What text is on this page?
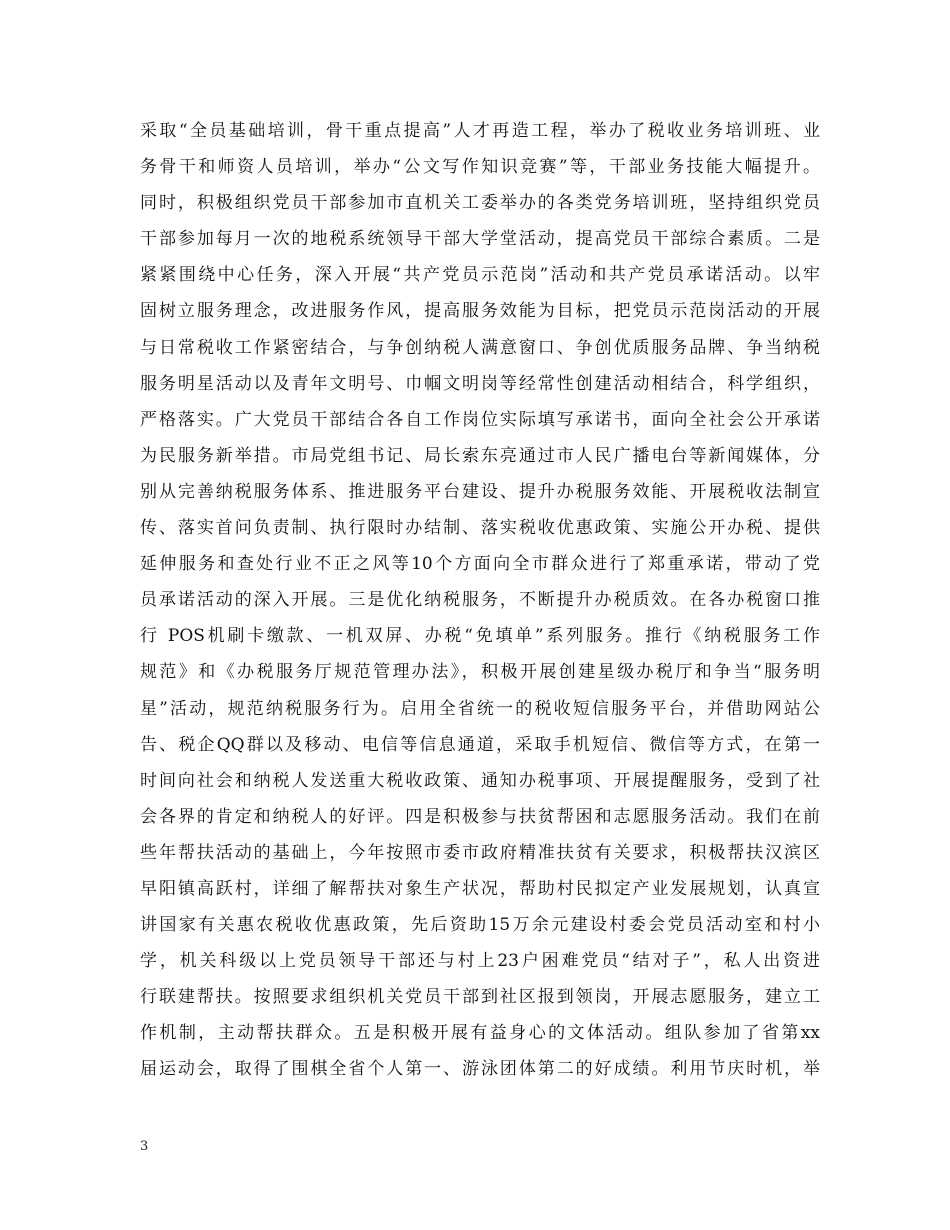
采取“全员基础培训，骨干重点提高”人才再造工程，举办了税收业务培训班、业
务骨干和师资人员培训，举办“公文写作知识竞赛”等，干部业务技能大幅提升。
同时，积极组织党员干部参加市直机关工委举办的各类党务培训班，坚持组织党员
干部参加每月一次的地税系统领导干部大学堂活动，提高党员干部综合素质。二是
紧紧围绕中心任务，深入开展“共产党员示范岗”活动和共产党员承诺活动。以牢
固树立服务理念，改进服务作风，提高服务效能为目标，把党员示范岗活动的开展
与日常税收工作紧密结合，与争创纳税人满意窗口、争创优质服务品牌、争当纳税
服务明星活动以及青年文明号、巾帼文明岗等经常性创建活动相结合，科学组织，
严格落实。广大党员干部结合各自工作岗位实际填写承诺书，面向全社会公开承诺
为民服务新举措。市局党组书记、局长索东亮通过市人民广播电台等新闻媒体，分
别从完善纳税服务体系、推进服务平台建设、提升办税服务效能、开展税收法制宣
传、落实首问负责制、执行限时办结制、落实税收优惠政策、实施公开办税、提供
延伸服务和查处行业不正之风等10个方面向全市群众进行了郑重承诺，带动了党
员承诺活动的深入开展。三是优化纳税服务，不断提升办税质效。在各办税窗口推
行 POS机刷卡缴款、一机双屏、办税“免填单”系列服务。推行《纳税服务工作
规范》和《办税服务厅规范管理办法》，积极开展创建星级办税厅和争当“服务明
星”活动，规范纳税服务行为。启用全省统一的税收短信服务平台，并借助网站公
告、税企QQ群以及移动、电信等信息通道，采取手机短信、微信等方式，在第一
时间向社会和纳税人发送重大税收政策、通知办税事项、开展提醒服务，受到了社
会各界的肯定和纳税人的好评。四是积极参与扶贫帮困和志愿服务活动。我们在前
些年帮扶活动的基础上，今年按照市委市政府精准扶贫有关要求，积极帮扶汉滨区
早阳镇高跃村，详细了解帮扶对象生产状况，帮助村民拟定产业发展规划，认真宣
讲国家有关惠农税收优惠政策，先后资助15万余元建设村委会党员活动室和村小
学，机关科级以上党员领导干部还与村上23户困难党员“结对子”，私人出资进
行联建帮扶。按照要求组织机关党员干部到社区报到领岗，开展志愿服务，建立工
作机制，主动帮扶群众。五是积极开展有益身心的文体活动。组队参加了省第xx
届运动会，取得了围棋全省个人第一、游泳团体第二的好成绩。利用节庆时机，举
3
